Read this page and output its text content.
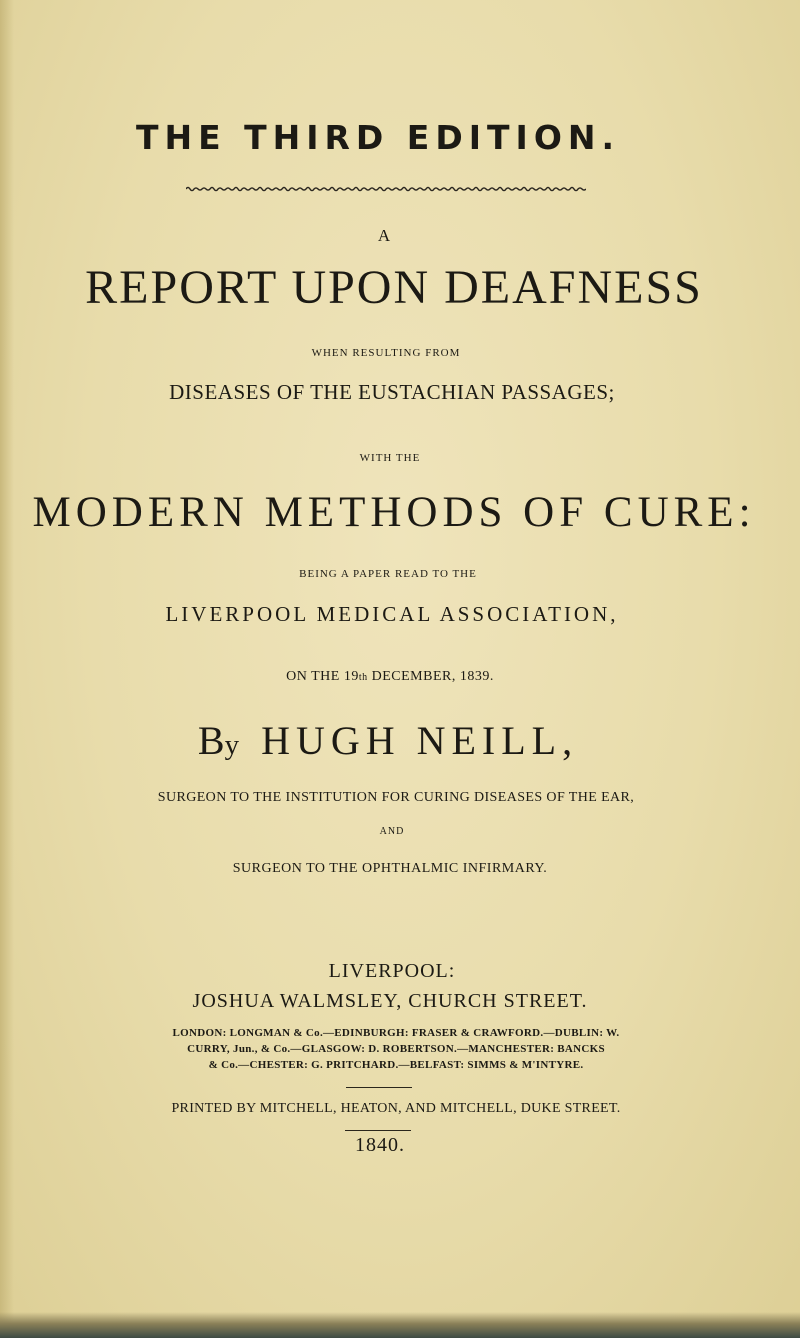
THE THIRD EDITION.
A
REPORT UPON DEAFNESS
WHEN RESULTING FROM
DISEASES OF THE EUSTACHIAN PASSAGES;
WITH THE
MODERN METHODS OF CURE:
BEING A PAPER READ TO THE
LIVERPOOL MEDICAL ASSOCIATION,
ON THE 19th DECEMBER, 1839.
By HUGH NEILL,
SURGEON TO THE INSTITUTION FOR CURING DISEASES OF THE EAR,
AND
SURGEON TO THE OPHTHALMIC INFIRMARY.
LIVERPOOL:
JOSHUA WALMSLEY, CHURCH STREET.
LONDON: LONGMAN & Co.—EDINBURGH: FRASER & CRAWFORD.—DUBLIN: W.
CURRY, Jun., & Co.—GLASGOW: D. ROBERTSON.—MANCHESTER: BANCKS
& Co.—CHESTER: G. PRITCHARD.—BELFAST: SIMMS & M'INTYRE.
PRINTED BY MITCHELL, HEATON, AND MITCHELL, DUKE STREET.
1840.
